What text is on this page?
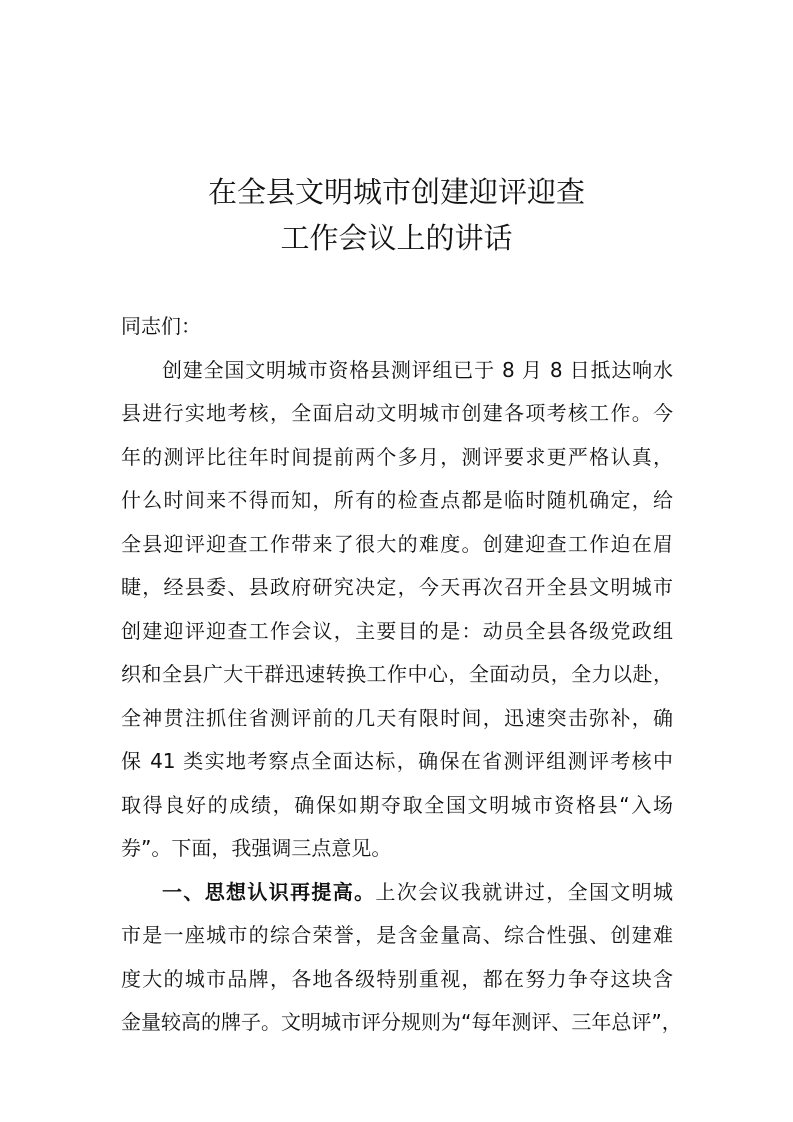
在全县文明城市创建迎评迎查
工作会议上的讲话
同志们：
创建全国文明城市资格县测评组已于 8 月 8 日抵达响水
县进行实地考核，全面启动文明城市创建各项考核工作。今
年的测评比往年时间提前两个多月，测评要求更严格认真，
什么时间来不得而知，所有的检查点都是临时随机确定，给
全县迎评迎查工作带来了很大的难度。创建迎查工作迫在眉
睫，经县委、县政府研究决定，今天再次召开全县文明城市
创建迎评迎查工作会议，主要目的是：动员全县各级党政组
织和全县广大干群迅速转换工作中心，全面动员，全力以赴，
全神贯注抓住省测评前的几天有限时间，迅速突击弥补，确
保 41 类实地考察点全面达标，确保在省测评组测评考核中
取得良好的成绩，确保如期夺取全国文明城市资格县“入场
券”。下面，我强调三点意见。
一、思想认识再提高。上次会议我就讲过，全国文明城
市是一座城市的综合荣誉，是含金量高、综合性强、创建难
度大的城市品牌，各地各级特别重视，都在努力争夺这块含
金量较高的牌子。文明城市评分规则为“每年测评、三年总评”，
